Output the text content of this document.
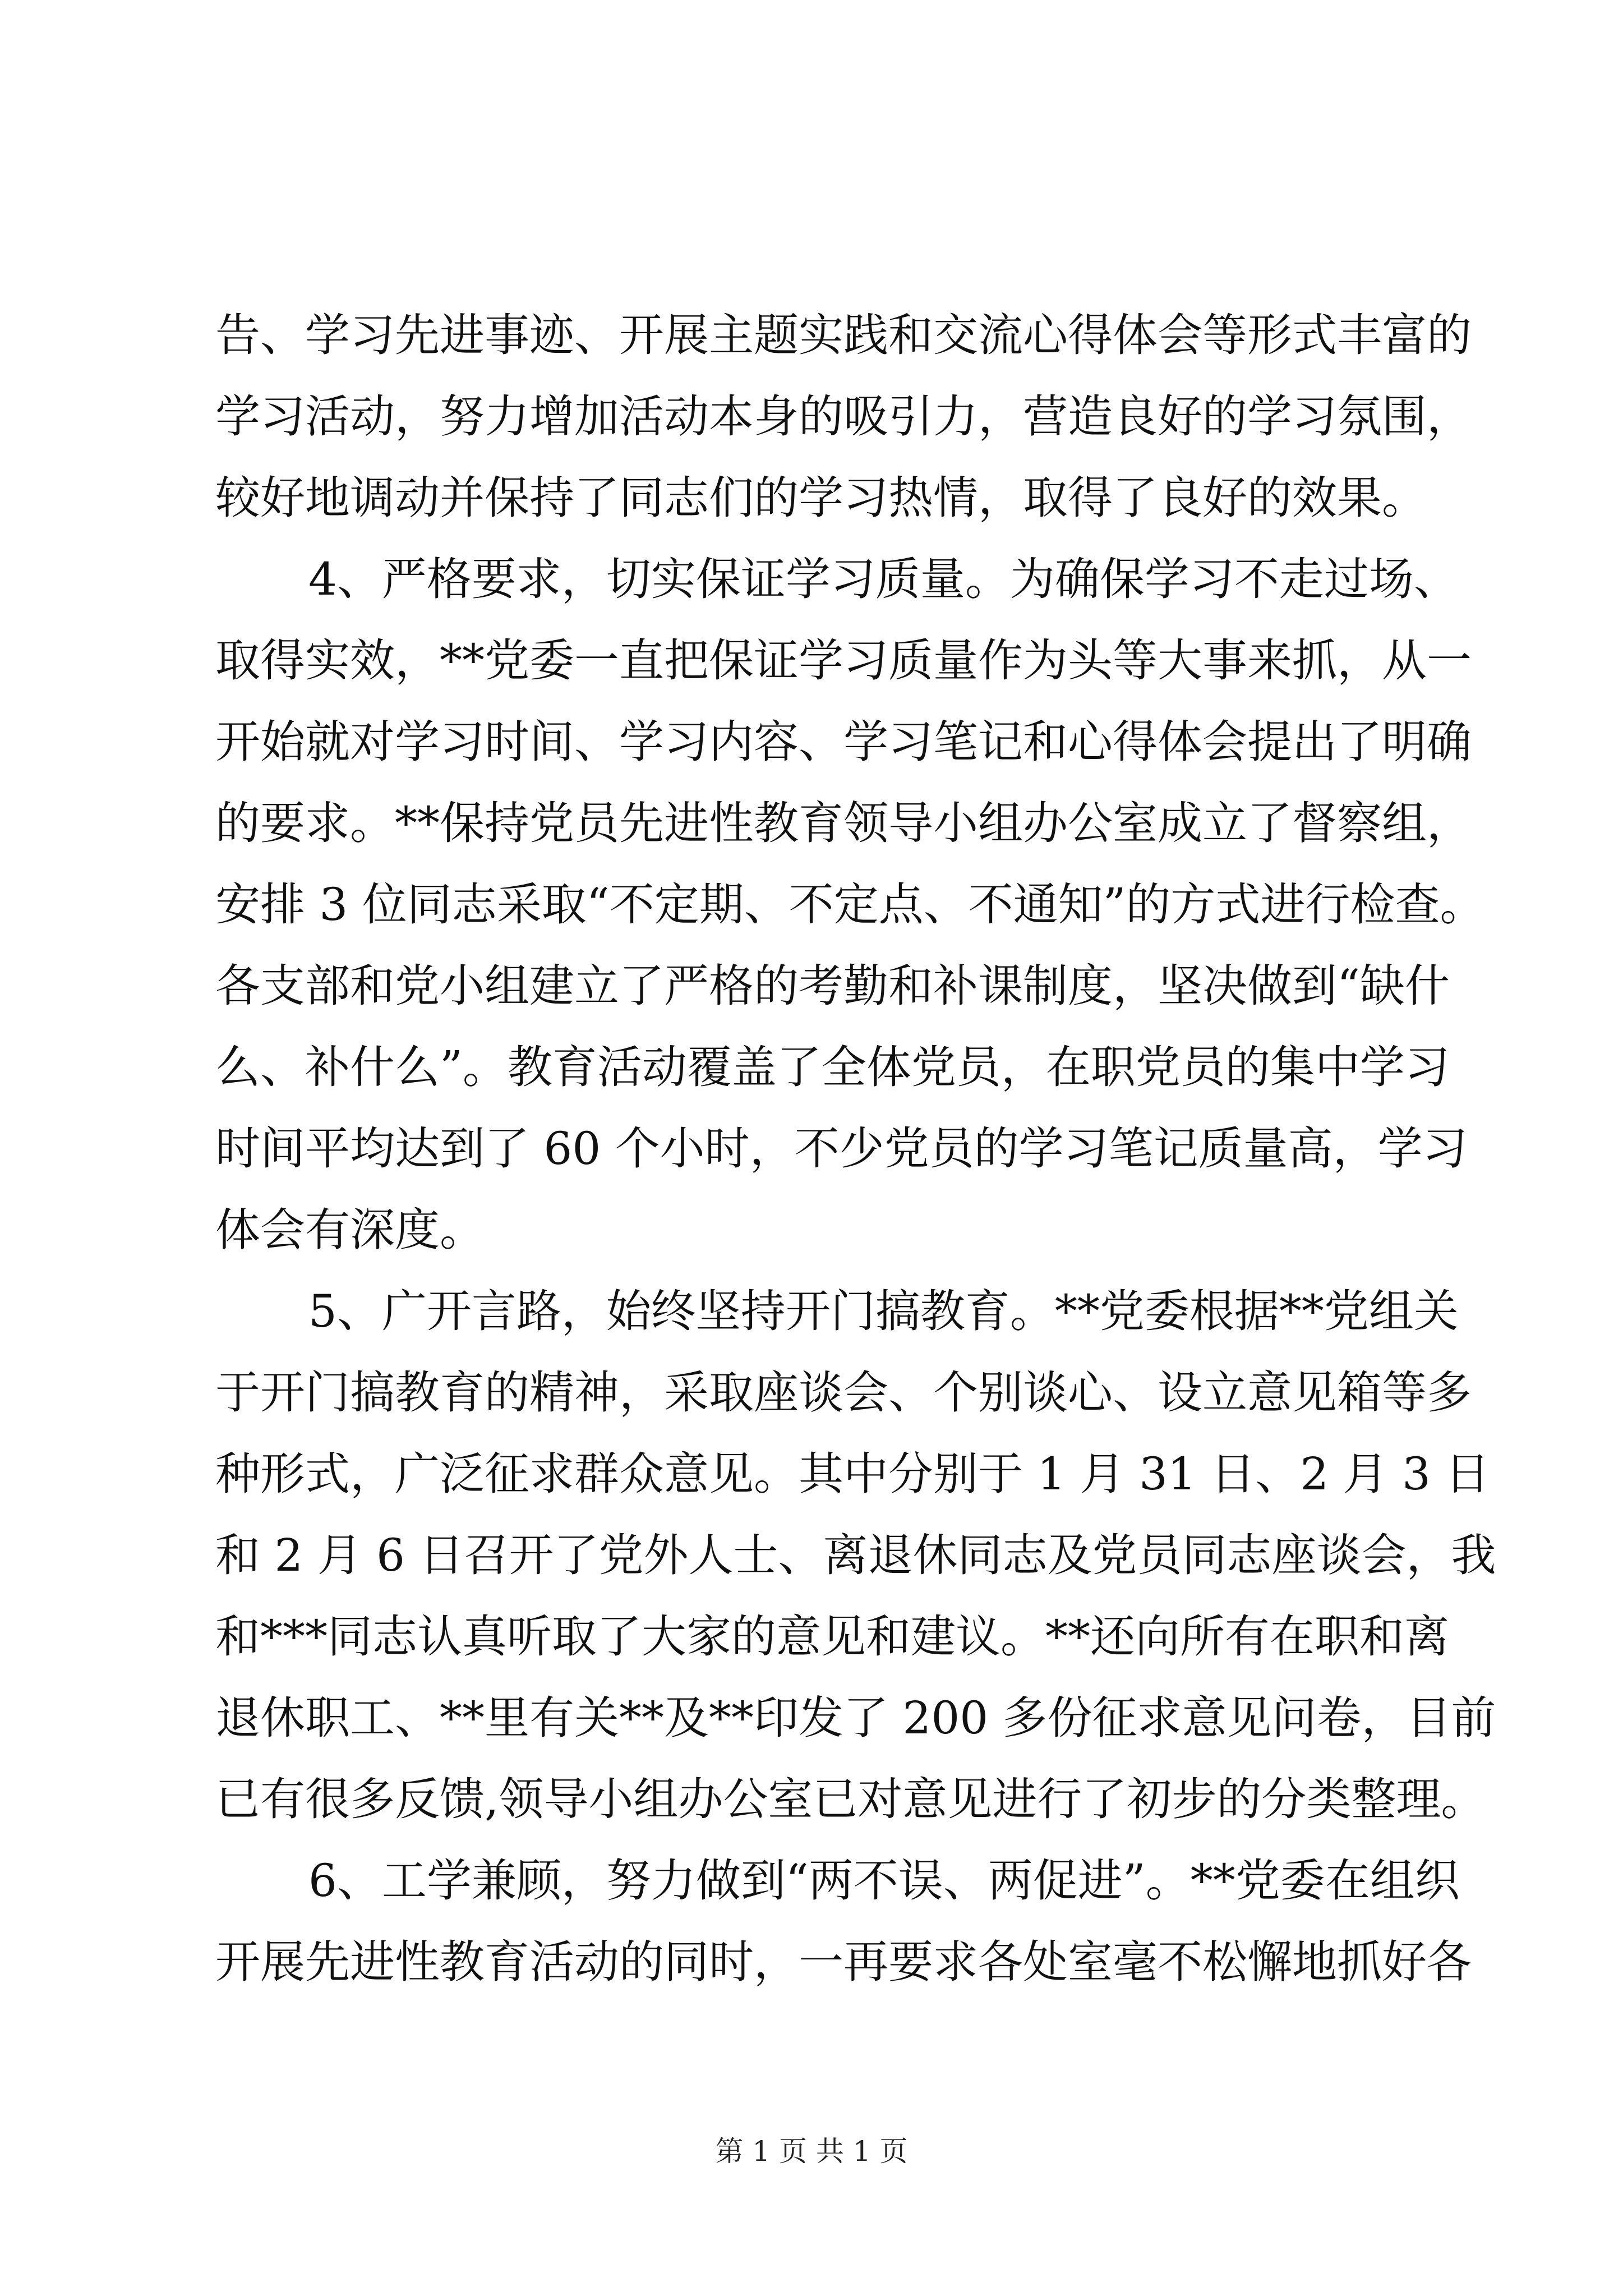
告、学习先进事迹、开展主题实践和交流心得体会等形式丰富的
学习活动，努力增加活动本身的吸引力，营造良好的学习氛围，
较好地调动并保持了同志们的学习热情，取得了良好的效果。
4、严格要求，切实保证学习质量。为确保学习不走过场、
取得实效，**党委一直把保证学习质量作为头等大事来抓，从一
开始就对学习时间、学习内容、学习笔记和心得体会提出了明确
的要求。**保持党员先进性教育领导小组办公室成立了督察组，
安排 3 位同志采取“不定期、不定点、不通知”的方式进行检查。
各支部和党小组建立了严格的考勤和补课制度，坚决做到“缺什
么、补什么”。教育活动覆盖了全体党员，在职党员的集中学习
时间平均达到了 60 个小时，不少党员的学习笔记质量高，学习
体会有深度。
5、广开言路，始终坚持开门搞教育。**党委根据**党组关
于开门搞教育的精神，采取座谈会、个别谈心、设立意见箱等多
种形式，广泛征求群众意见。其中分别于 1 月 31 日、2 月 3 日
和 2 月 6 日召开了党外人士、离退休同志及党员同志座谈会，我
和***同志认真听取了大家的意见和建议。**还向所有在职和离
退休职工、**里有关**及**印发了 200 多份征求意见问卷，目前
已有很多反馈,领导小组办公室已对意见进行了初步的分类整理。
6、工学兼顾，努力做到“两不误、两促进”。**党委在组织
开展先进性教育活动的同时，一再要求各处室毫不松懈地抓好各
第 1 页 共 1 页
